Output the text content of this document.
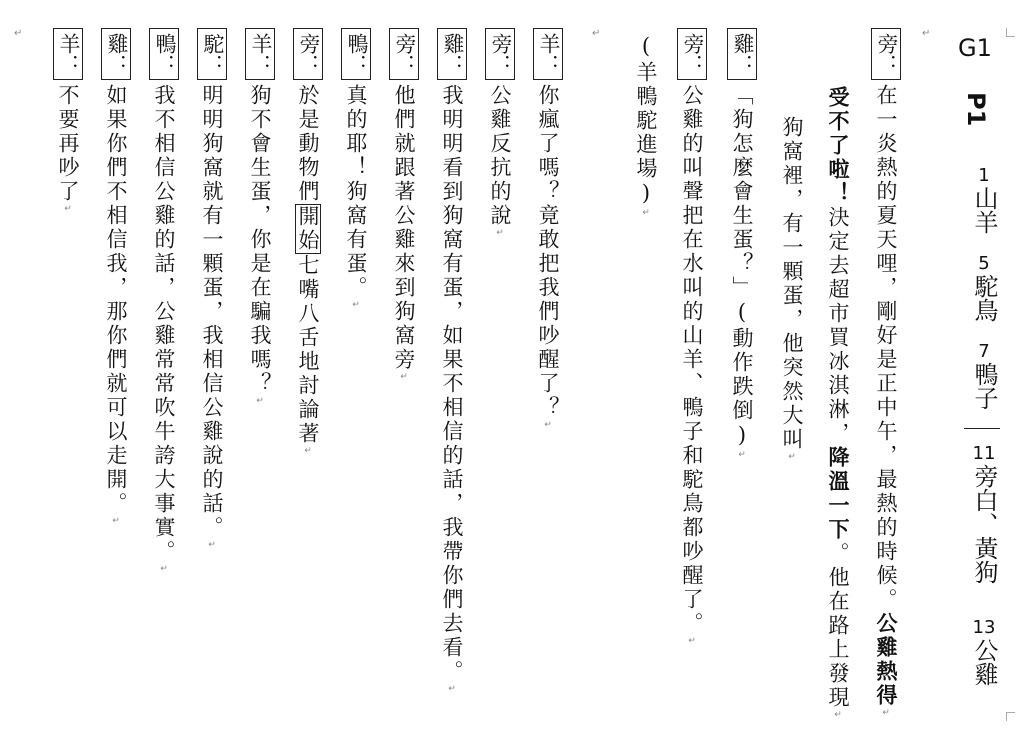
G1
P1
1
山羊
5
駝鳥
7
鴨子
11
旁白、黃狗
13
公雞
旁：
在一炎熱的夏天哩，剛好是正中午，最熱的時候。公雞熱得↵
受不了啦！決定去超市買冰淇淋，降溫一下。他在路上發現↵
狗窩裡，有一顆蛋，他突然大叫↵
雞：
「狗怎麼會生蛋？」(動作跌倒)↵
旁：
公雞的叫聲把在水叫的山羊、鴨子和駝鳥都吵醒了。↵
(羊鴨駝進場)↵
羊：
你瘋了嗎？竟敢把我們吵醒了？↵
旁：
公雞反抗的說↵
雞：
我明明看到狗窩有蛋，如果不相信的話，我帶你們去看。↵
旁：
他們就跟著公雞來到狗窩旁↵
鴨：
真的耶！狗窩有蛋。↵
旁：
於是動物們開始七嘴八舌地討論著↵
羊：
狗不會生蛋，你是在騙我嗎？↵
駝：
明明狗窩就有一顆蛋，我相信公雞說的話。↵
鴨：
我不相信公雞的話，公雞常常吹牛誇大事實。↵
雞：
如果你們不相信我，那你們就可以走開。↵
羊：
不要再吵了↵
↵
↵
↵
